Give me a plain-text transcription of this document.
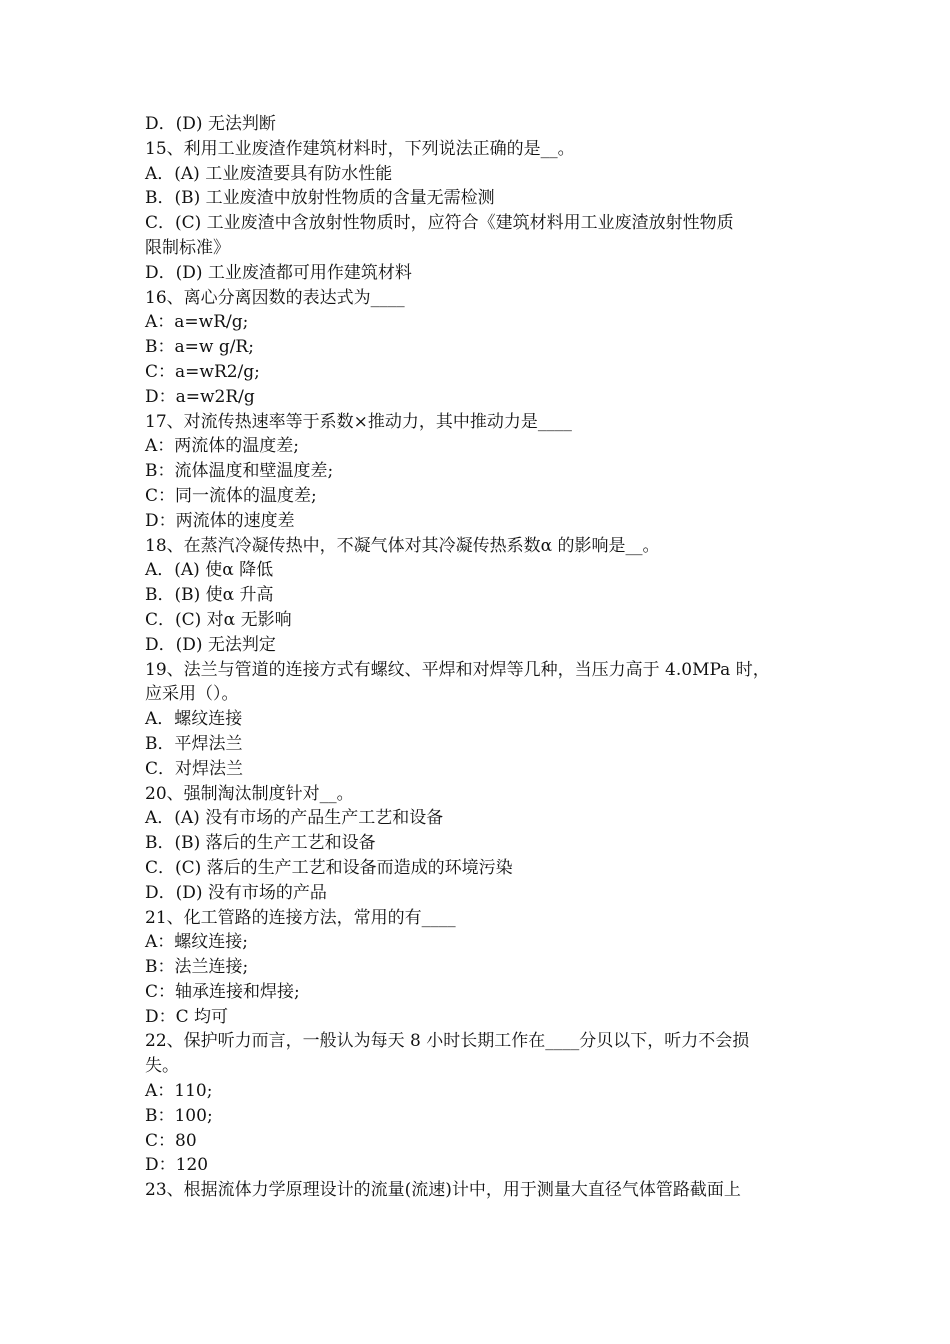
D．(D) 无法判断
15、利用工业废渣作建筑材料时，下列说法正确的是__。
A．(A) 工业废渣要具有防水性能
B．(B) 工业废渣中放射性物质的含量无需检测
C．(C) 工业废渣中含放射性物质时，应符合《建筑材料用工业废渣放射性物质
限制标准》
D．(D) 工业废渣都可用作建筑材料
16、离心分离因数的表达式为____
A：a=wR/g;
B：a=w g/R;
C：a=wR2/g;
D：a=w2R/g
17、对流传热速率等于系数×推动力，其中推动力是____
A：两流体的温度差;
B：流体温度和壁温度差;
C：同一流体的温度差;
D：两流体的速度差
18、在蒸汽冷凝传热中，不凝气体对其冷凝传热系数α 的影响是__。
A．(A) 使α 降低
B．(B) 使α 升高
C．(C) 对α 无影响
D．(D) 无法判定
19、法兰与管道的连接方式有螺纹、平焊和对焊等几种，当压力高于 4.0MPa 时，
应采用（）。
A．螺纹连接
B．平焊法兰
C．对焊法兰
20、强制淘汰制度针对__。
A．(A) 没有市场的产品生产工艺和设备
B．(B) 落后的生产工艺和设备
C．(C) 落后的生产工艺和设备而造成的环境污染
D．(D) 没有市场的产品
21、化工管路的连接方法，常用的有____
A：螺纹连接;
B：法兰连接;
C：轴承连接和焊接;
D：C 均可
22、保护听力而言，一般认为每天 8 小时长期工作在____分贝以下，听力不会损
失。
A：110;
B：100;
C：80
D：120
23、根据流体力学原理设计的流量(流速)计中，用于测量大直径气体管路截面上
